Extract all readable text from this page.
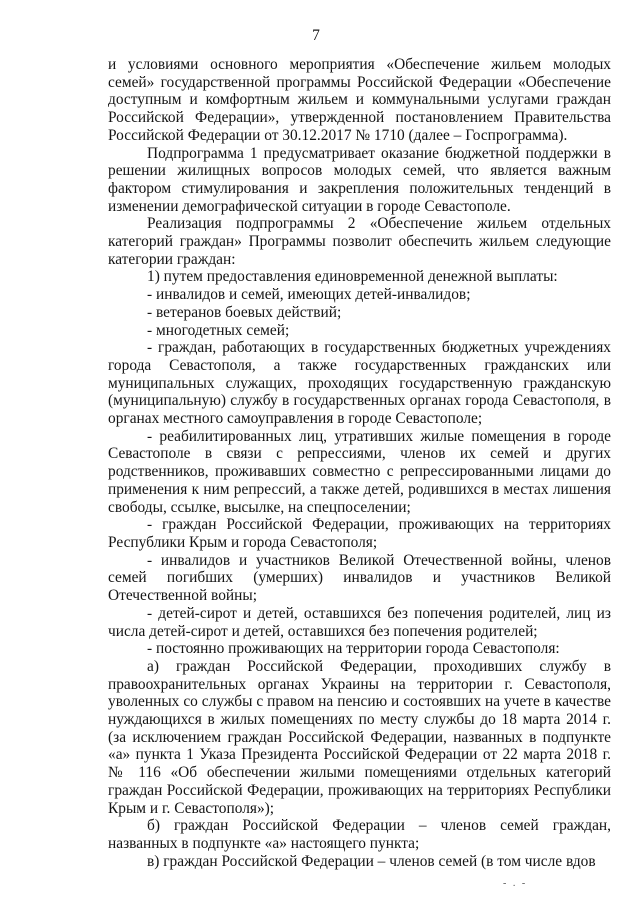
7

и условиями основного мероприятия «Обеспечение жильем молодых семей» государственной программы Российской Федерации «Обеспечение доступным и комфортным жильем и коммунальными услугами граждан Российской Федерации», утвержденной постановлением Правительства Российской Федерации от 30.12.2017 № 1710 (далее – Госпрограмма).

Подпрограмма 1 предусматривает оказание бюджетной поддержки в решении жилищных вопросов молодых семей, что является важным фактором стимулирования и закрепления положительных тенденций в изменении демографической ситуации в городе Севастополе.

Реализация подпрограммы 2 «Обеспечение жильем отдельных категорий граждан» Программы позволит обеспечить жильем следующие категории граждан:

1) путем предоставления единовременной денежной выплаты:

- инвалидов и семей, имеющих детей-инвалидов;

- ветеранов боевых действий;

- многодетных семей;

- граждан, работающих в государственных бюджетных учреждениях города Севастополя, а также государственных гражданских или муниципальных служащих, проходящих государственную гражданскую (муниципальную) службу в государственных органах города Севастополя, в органах местного самоуправления в городе Севастополе;

- реабилитированных лиц, утративших жилые помещения в городе Севастополе в связи с репрессиями, членов их семей и других родственников, проживавших совместно с репрессированными лицами до применения к ним репрессий, а также детей, родившихся в местах лишения свободы, ссылке, высылке, на спецпоселении;

- граждан Российской Федерации, проживающих на территориях Республики Крым и города Севастополя;

- инвалидов и участников Великой Отечественной войны, членов семей погибших (умерших) инвалидов и участников Великой Отечественной войны;

- детей-сирот и детей, оставшихся без попечения родителей, лиц из числа детей-сирот и детей, оставшихся без попечения родителей;

- постоянно проживающих на территории города Севастополя:

а) граждан Российской Федерации, проходивших службу в правоохранительных органах Украины на территории г. Севастополя, уволенных со службы с правом на пенсию и состоявших на учете в качестве нуждающихся в жилых помещениях по месту службы до 18 марта 2014 г. (за исключением граждан Российской Федерации, названных в подпункте «а» пункта 1 Указа Президента Российской Федерации от 22 марта 2018 г. № 116 «Об обеспечении жилыми помещениями отдельных категорий граждан Российской Федерации, проживающих на территориях Республики Крым и г. Севастополя»);

б) граждан Российской Федерации – членов семей граждан, названных в подпункте «а» настоящего пункта;

в) граждан Российской Федерации – членов семей (в том числе вдов

- . -
